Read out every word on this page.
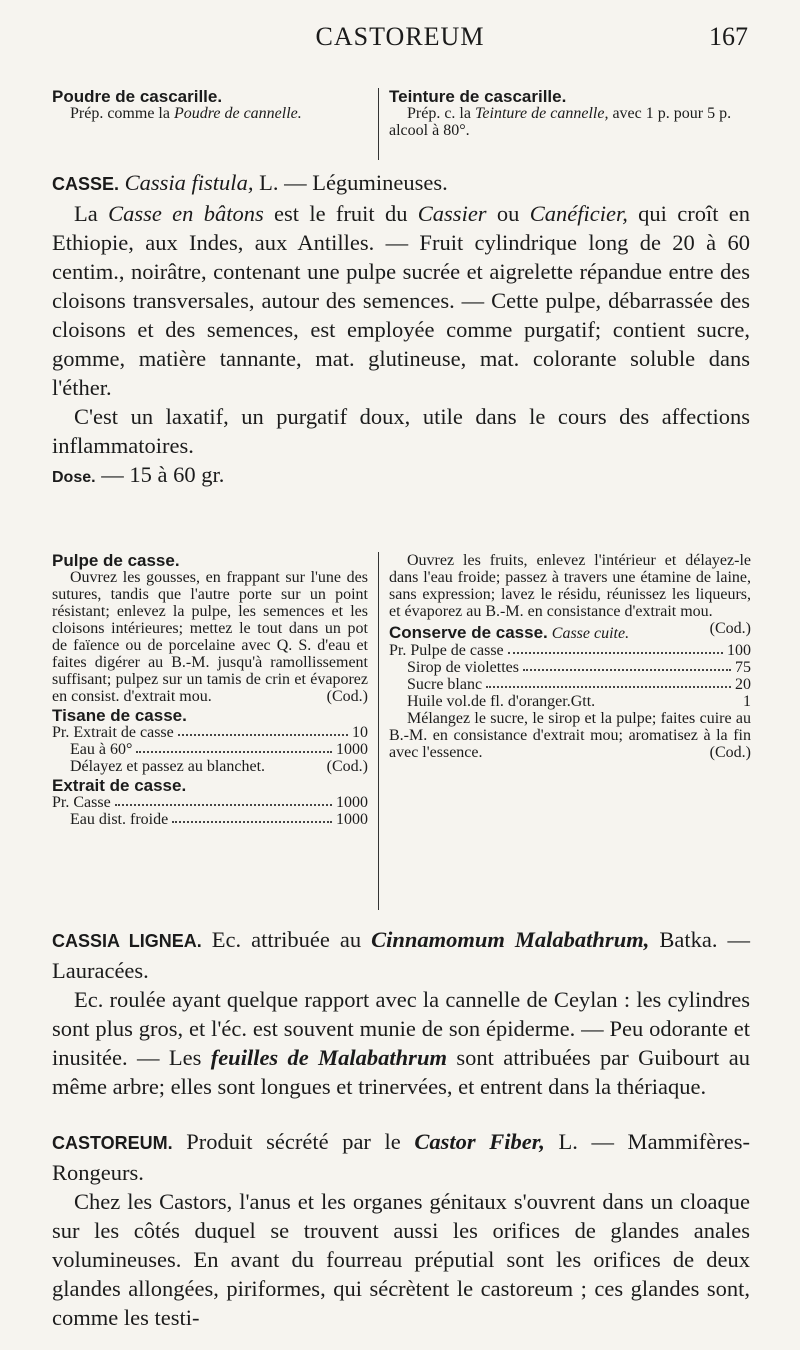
CASTOREUM	167

Poudre de cascarille.

Prép. comme la Poudre de cannelle.

Teinture de cascarille.

Prép. c. la Teinture de cannelle, avec 1 p. pour 5 p. alcool à 80°.

CASSE. Cassia fistula, L. — Légumineuses.

La Casse en bâtons est le fruit du Cassier ou Canéficier, qui croît en Ethiopie, aux Indes, aux Antilles. — Fruit cylindrique long de 20 à 60 centim., noirâtre, contenant une pulpe sucrée et aigrelette répandue entre des cloisons transversales, autour des semences. — Cette pulpe, débarrassée des cloisons et des semences, est employée comme purgatif; contient sucre, gomme, matière tannante, mat. glutineuse, mat. colorante soluble dans l'éther.

C'est un laxatif, un purgatif doux, utile dans le cours des affections inflammatoires.

Dose. — 15 à 60 gr.

Pulpe de casse.

Ouvrez les gousses, en frappant sur l'une des sutures, tandis que l'autre porte sur un point résistant; enlevez la pulpe, les semences et les cloisons intérieures; mettez le tout dans un pot de faïence ou de porcelaine avec Q. S. d'eau et faites digérer au B.-M. jusqu'à ramollissement suffisant; pulpez sur un tamis de crin et évaporez en consist. d'extrait mou.	(Cod.)

Tisane de casse.

Pr. Extrait de casse	10
Eau à 60°	1000

Délayez et passez au blanchet.	(Cod.)

Extrait de casse.

Pr. Casse	1000
Eau dist. froide	1000

Ouvrez les fruits, enlevez l'intérieur et délayez-le dans l'eau froide; passez à travers une étamine de laine, sans expression; lavez le résidu, réunissez les liqueurs, et évaporez au B.-M. en consistance d'extrait mou.
(Cod.)

Conserve de casse. Casse cuite.

Pr. Pulpe de casse	100
Sirop de violettes	75
Sucre blanc	20
Huile vol.de fl. d'oranger.Gtt.	1

Mélangez le sucre, le sirop et la pulpe; faites cuire au B.-M. en consistance d'extrait mou; aromatisez à la fin avec l'essence.	(Cod.)

CASSIA LIGNEA. Ec. attribuée au Cinnamomum Malabathrum, Batka. — Lauracées.

Ec. roulée ayant quelque rapport avec la cannelle de Ceylan : les cylindres sont plus gros, et l'éc. est souvent munie de son épiderme. — Peu odorante et inusitée. — Les feuilles de Malabathrum sont attribuées par Guibourt au même arbre; elles sont longues et trinervées, et entrent dans la thériaque.

CASTOREUM. Produit sécrété par le Castor Fiber, L. — Mammifères-Rongeurs.

Chez les Castors, l'anus et les organes génitaux s'ouvrent dans un cloaque sur les côtés duquel se trouvent aussi les orifices de glandes anales volumineuses. En avant du fourreau préputial sont les orifices de deux glandes allongées, piriformes, qui sécrètent le castoreum ; ces glandes sont, comme les testi-
